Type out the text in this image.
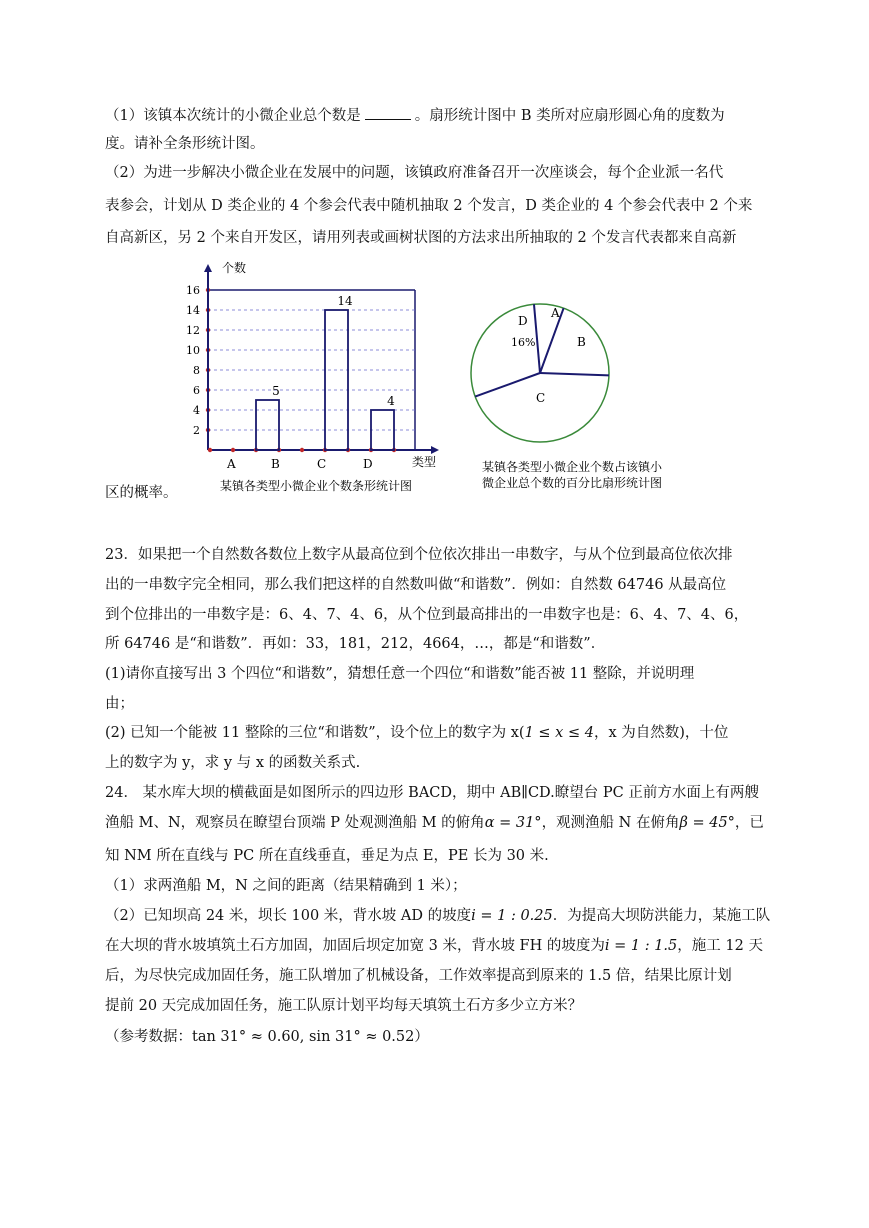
（1）该镇本次统计的小微企业总个数是	。扇形统计图中 B 类所对应扇形圆心角的度数为
度。请补全条形统计图。
（2）为进一步解决小微企业在发展中的问题，该镇政府准备召开一次座谈会，每个企业派一名代
表参会，计划从 D 类企业的 4 个参会代表中随机抽取 2 个发言，D 类企业的 4 个参会代表中 2 个来
自高新区，另 2 个来自开发区，请用列表或画树状图的方法求出所抽取的 2 个发言代表都来自高新
2
4
6
8
10
12
14
16
个数
类型
A	B
5
C
14
D
4
某镇各类型小微企业个数条形统计图
A
B
C
D
16%
某镇各类型小微企业个数占该镇小
微企业总个数的百分比扇形统计图
区的概率。
23．如果把一个自然数各数位上数字从最高位到个位依次排出一串数字，与从个位到最高位依次排
出的一串数字完全相同，那么我们把这样的自然数叫做“和谐数”．例如：自然数 64746 从最高位
到个位排出的一串数字是：6、4、7、4、6，从个位到最高排出的一串数字也是：6、4、7、4、6，
所 64746 是“和谐数”．再如：33，181，212，4664，…，都是“和谐数”．
(1)请你直接写出 3 个四位“和谐数”，猜想任意一个四位“和谐数”能否被 11 整除，并说明理
由；
(2) 已知一个能被 11 整除的三位“和谐数”，设个位上的数字为 x(1 ≤ x ≤ 4，x 为自然数)，十位
上的数字为 y，求 y 与 x 的函数关系式.
24． 某水库大坝的横截面是如图所示的四边形 BACD，期中 AB∥CD.瞭望台 PC 正前方水面上有两艘
渔船 M、N，观察员在瞭望台顶端 P 处观测渔船 M 的俯角α = 31°，观测渔船 N 在俯角β = 45°，已
知 NM 所在直线与 PC 所在直线垂直，垂足为点 E，PE 长为 30 米.
（1）求两渔船 M，N 之间的距离（结果精确到 1 米）；
（2）已知坝高 24 米，坝长 100 米，背水坡 AD 的坡度i = 1 : 0.25．为提高大坝防洪能力，某施工队
在大坝的背水坡填筑土石方加固，加固后坝定加宽 3 米，背水坡 FH 的坡度为i = 1 : 1.5，施工 12 天
后，为尽快完成加固任务，施工队增加了机械设备，工作效率提高到原来的 1.5 倍，结果比原计划
提前 20 天完成加固任务，施工队原计划平均每天填筑土石方多少立方米？
（参考数据：tan 31° ≈ 0.60, sin 31° ≈ 0.52）
